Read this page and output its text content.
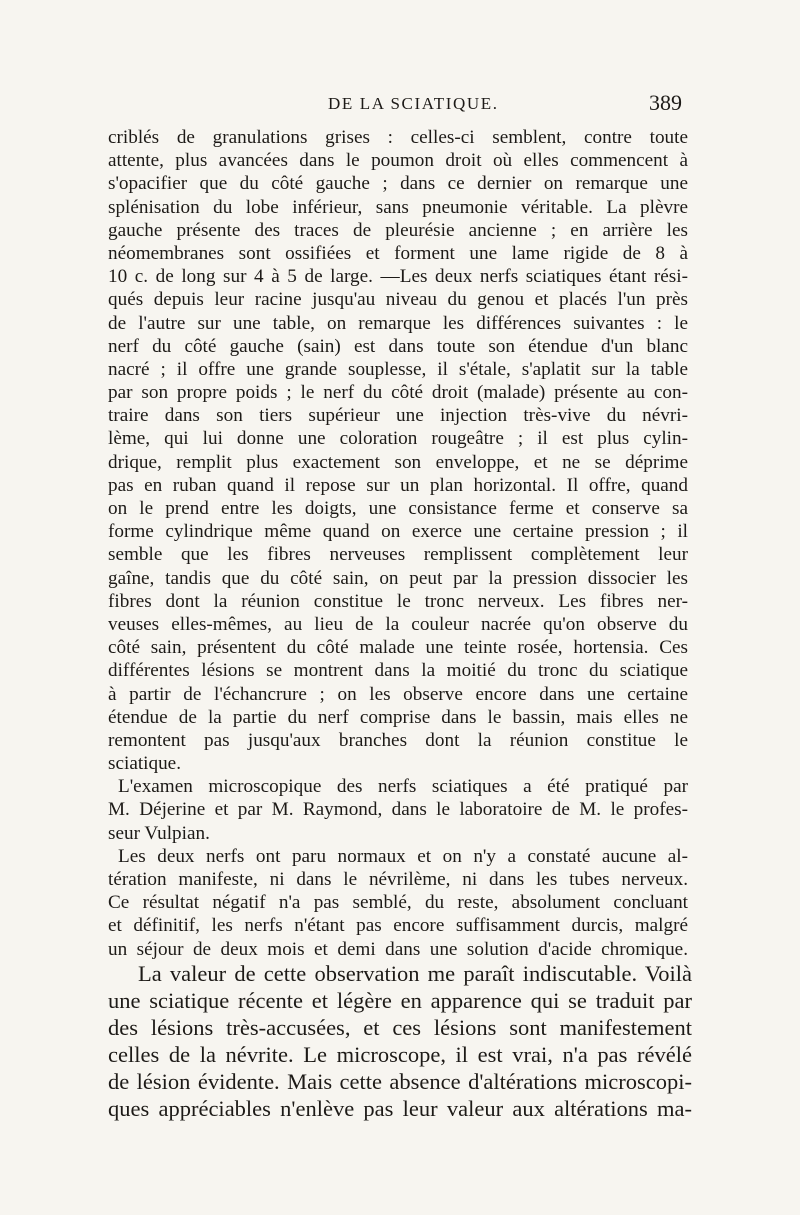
DE LA SCIATIQUE.	389
criblés de granulations grises : celles-ci semblent, contre toute
attente, plus avancées dans le poumon droit où elles commencent à
s'opacifier que du côté gauche ; dans ce dernier on remarque une
splénisation du lobe inférieur, sans pneumonie véritable. La plèvre
gauche présente des traces de pleurésie ancienne ; en arrière les
néomembranes sont ossifiées et forment une lame rigide de 8 à
10 c. de long sur 4 à 5 de large. —Les deux nerfs sciatiques étant rési-
qués depuis leur racine jusqu'au niveau du genou et placés l'un près
de l'autre sur une table, on remarque les différences suivantes : le
nerf du côté gauche (sain) est dans toute son étendue d'un blanc
nacré ; il offre une grande souplesse, il s'étale, s'aplatit sur la table
par son propre poids ; le nerf du côté droit (malade) présente au con-
traire dans son tiers supérieur une injection très-vive du névri-
lème, qui lui donne une coloration rougeâtre ; il est plus cylin-
drique, remplit plus exactement son enveloppe, et ne se déprime
pas en ruban quand il repose sur un plan horizontal. Il offre, quand
on le prend entre les doigts, une consistance ferme et conserve sa
forme cylindrique même quand on exerce une certaine pression ; il
semble que les fibres nerveuses remplissent complètement leur
gaîne, tandis que du côté sain, on peut par la pression dissocier les
fibres dont la réunion constitue le tronc nerveux. Les fibres ner-
veuses elles-mêmes, au lieu de la couleur nacrée qu'on observe du
côté sain, présentent du côté malade une teinte rosée, hortensia. Ces
différentes lésions se montrent dans la moitié du tronc du sciatique
à partir de l'échancrure ; on les observe encore dans une certaine
étendue de la partie du nerf comprise dans le bassin, mais elles ne
remontent pas jusqu'aux branches dont la réunion constitue le
sciatique.
L'examen microscopique des nerfs sciatiques a été pratiqué par
M. Déjerine et par M. Raymond, dans le laboratoire de M. le profes-
seur Vulpian.
Les deux nerfs ont paru normaux et on n'y a constaté aucune al-
tération manifeste, ni dans le névrilème, ni dans les tubes nerveux.
Ce résultat négatif n'a pas semblé, du reste, absolument concluant
et définitif, les nerfs n'étant pas encore suffisamment durcis, malgré
un séjour de deux mois et demi dans une solution d'acide chromique.
La valeur de cette observation me paraît indiscutable. Voilà
une sciatique récente et légère en apparence qui se traduit par
des lésions très-accusées, et ces lésions sont manifestement
celles de la névrite. Le microscope, il est vrai, n'a pas révélé
de lésion évidente. Mais cette absence d'altérations microscopi-
ques appréciables n'enlève pas leur valeur aux altérations ma-
